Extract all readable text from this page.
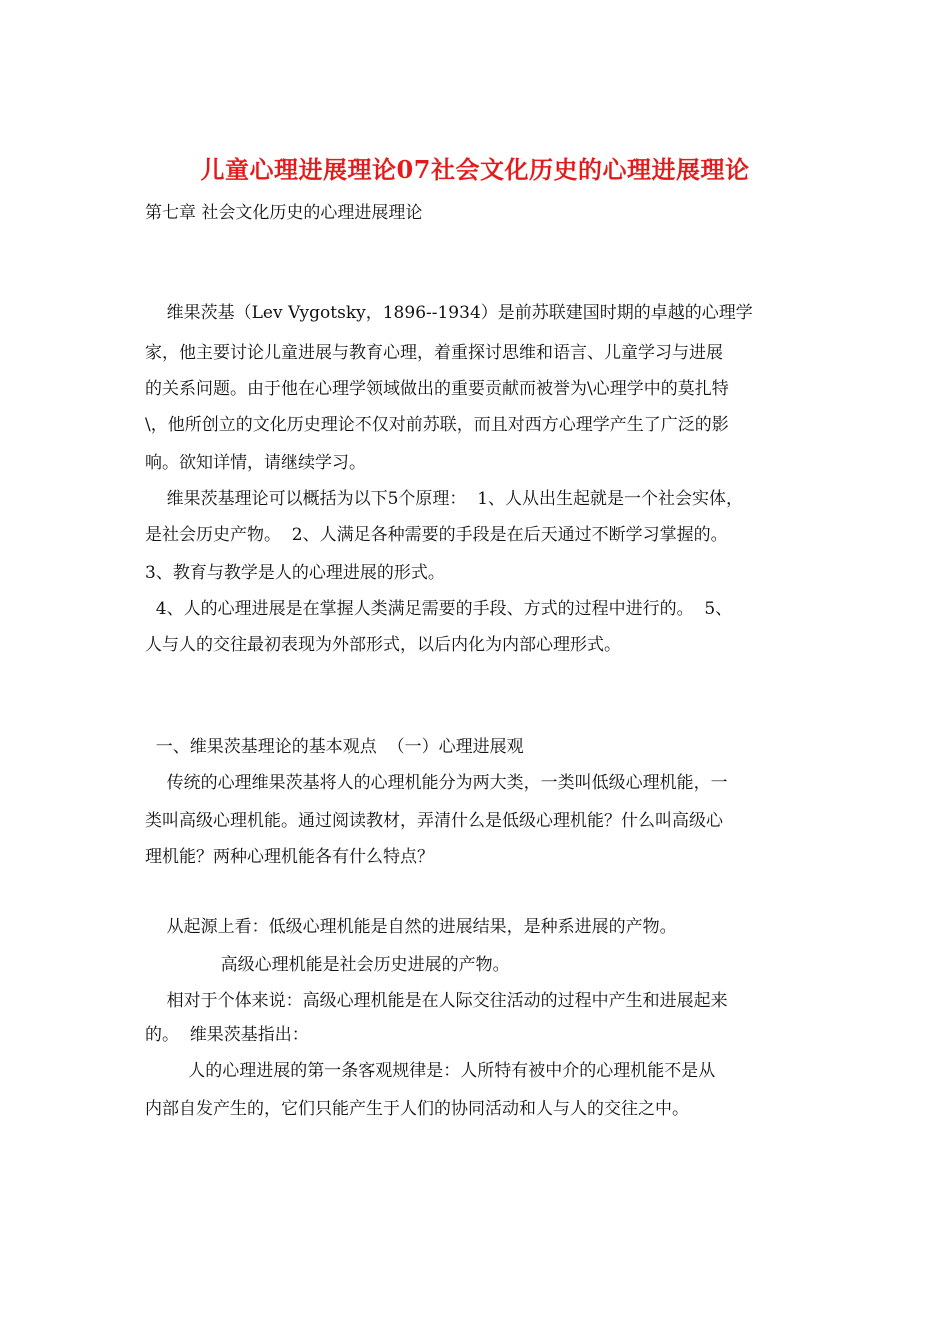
儿童心理进展理论07社会文化历史的心理进展理论
第七章 社会文化历史的心理进展理论
维果茨基（Lev Vygotsky，1896--1934）是前苏联建国时期的卓越的心理学
家，他主要讨论儿童进展与教育心理，着重探讨思维和语言、儿童学习与进展
的关系问题。由于他在心理学领域做出的重要贡献而被誉为\心理学中的莫扎特
\，他所创立的文化历史理论不仅对前苏联，而且对西方心理学产生了广泛的影
响。欲知详情，请继续学习。
维果茨基理论可以概括为以下5个原理：  1、人从出生起就是一个社会实体，
是社会历史产物。  2、人满足各种需要的手段是在后天通过不断学习掌握的。
3、教育与教学是人的心理进展的形式。
4、人的心理进展是在掌握人类满足需要的手段、方式的过程中进行的。  5、
人与人的交往最初表现为外部形式，以后内化为内部心理形式。
一、维果茨基理论的基本观点  （一）心理进展观
传统的心理维果茨基将人的心理机能分为两大类，一类叫低级心理机能，一
类叫高级心理机能。通过阅读教材，弄清什么是低级心理机能？什么叫高级心
理机能？两种心理机能各有什么特点？
从起源上看：低级心理机能是自然的进展结果，是种系进展的产物。
高级心理机能是社会历史进展的产物。
相对于个体来说：高级心理机能是在人际交往活动的过程中产生和进展起来
的。  维果茨基指出：
人的心理进展的第一条客观规律是：人所特有被中介的心理机能不是从
内部自发产生的，它们只能产生于人们的协同活动和人与人的交往之中。
